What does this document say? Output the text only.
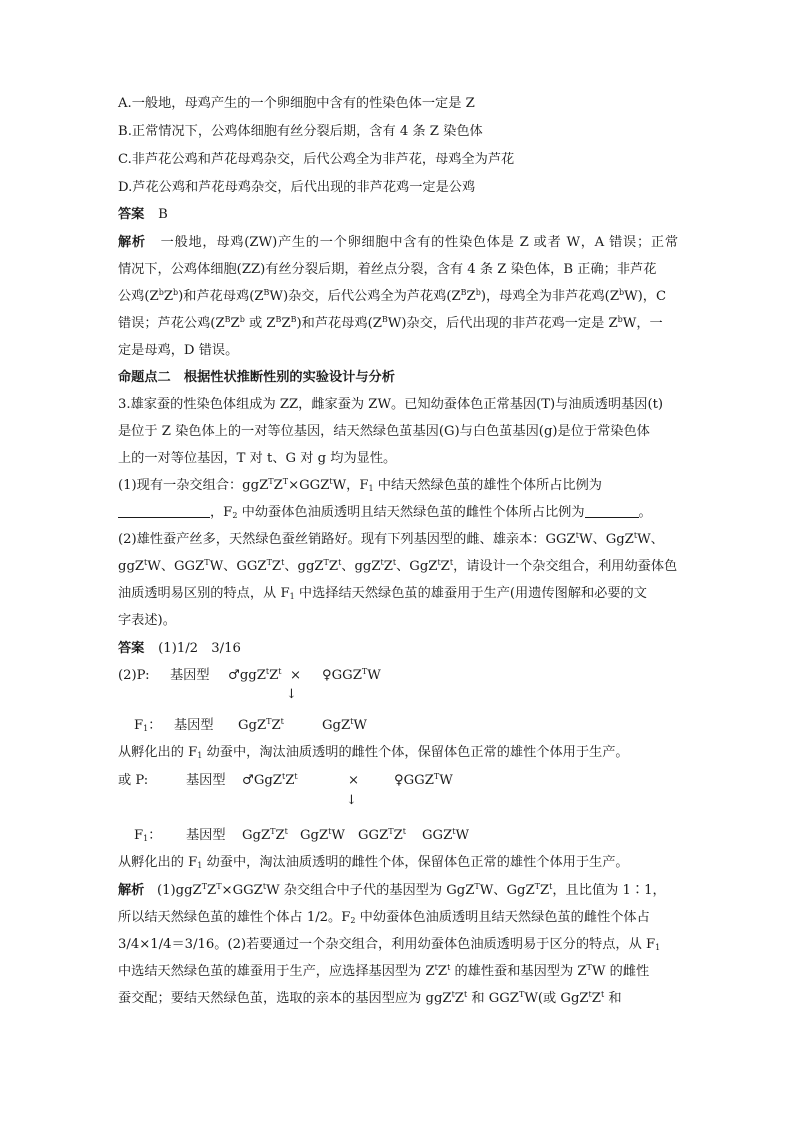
A.一般地，母鸡产生的一个卵细胞中含有的性染色体一定是 Z
B.正常情况下，公鸡体细胞有丝分裂后期，含有 4 条 Z 染色体
C.非芦花公鸡和芦花母鸡杂交，后代公鸡全为非芦花，母鸡全为芦花
D.芦花公鸡和芦花母鸡杂交，后代出现的非芦花鸡一定是公鸡
答案 B
解析 一般地，母鸡(ZW)产生的一个卵细胞中含有的性染色体是 Z 或者 W，A 错误；正常
情况下，公鸡体细胞(ZZ)有丝分裂后期，着丝点分裂，含有 4 条 Z 染色体，B 正确；非芦花
公鸡$(Z^bZ^b)$和芦花母鸡$(Z^BW)$杂交，后代公鸡全为芦花鸡$(Z^BZ^b)$，母鸡全为非芦花鸡$(Z^bW)$，C
错误；芦花公鸡($Z^BZ^b$ 或 $Z^BZ^B$)和芦花母鸡$(Z^BW)$杂交，后代出现的非芦花鸡一定是 $Z^bW$，一
定是母鸡，D 错误。
命题点二　根据性状推断性别的实验设计与分析
3.雄家蚕的性染色体组成为 ZZ，雌家蚕为 ZW。已知幼蚕体色正常基因(T)与油质透明基因(t)
是位于 Z 染色体上的一对等位基因，结天然绿色茧基因(G)与白色茧基因(g)是位于常染色体
上的一对等位基因，T 对 t、G 对 g 均为显性。
(1)现有一杂交组合：$ggZ^TZ^T\times GGZ^tW$，$F_1$ 中结天然绿色茧的雄性个体所占比例为
，$F_2$ 中幼蚕体色油质透明且结天然绿色茧的雌性个体所占比例为	。
(2)雄性蚕产丝多，天然绿色蚕丝销路好。现有下列基因型的雌、雄亲本：GGZ$^t$W、GgZ$^t$W、
ggZ$^t$W、$GGZ^TW$、$GGZ^TZ^t$、$ggZ^TZ^t$、$ggZ^tZ^t$、$GgZ^tZ^t$，请设计一个杂交组合，利用幼蚕体色
油质透明易区别的特点，从 $F_1$ 中选择结天然绿色茧的雄蚕用于生产(用遗传图解和必要的文
字表述)。
答案 (1)1/2　3/16
(2)P: 基因型 $♂ggZ^tZ^t$ × $♀GGZ^TW$
↓
$F_1$： 基因型 $GgZ^TZ^t$	GgZ$^t$W
从孵化出的 $F_1$ 幼蚕中，淘汰油质透明的雌性个体，保留体色正常的雄性个体用于生产。
或 P:	基因型 $♂GgZ^tZ^t$	×	$♀GGZ^TW$
↓
$F_1$： 基因型 $GgZ^TZ^t$ GgZ$^t$W $GGZ^TZ^t$ GGZ$^t$W
从孵化出的 $F_1$ 幼蚕中，淘汰油质透明的雌性个体，保留体色正常的雄性个体用于生产。
解析 $(1)ggZ^TZ^T\times GGZ^tW$ 杂交组合中子代的基因型为 GgZ$^T$W、$GgZ^TZ^t$，且比值为 1∶1，
所以结天然绿色茧的雄性个体占 1/2。$F_2$ 中幼蚕体色油质透明且结天然绿色茧的雌性个体占
3/4×1/4＝3/16。(2)若要通过一个杂交组合，利用幼蚕体色油质透明易于区分的特点，从 $F_1$
中选结天然绿色茧的雄蚕用于生产，应选择基因型为 $Z^tZ^t$ 的雄性蚕和基因型为 $Z^TW$ 的雌性
蚕交配；要结天然绿色茧，选取的亲本的基因型应为 $ggZ^tZ^t$ 和 $GGZ^TW$(或 $GgZ^tZ^t$ 和
